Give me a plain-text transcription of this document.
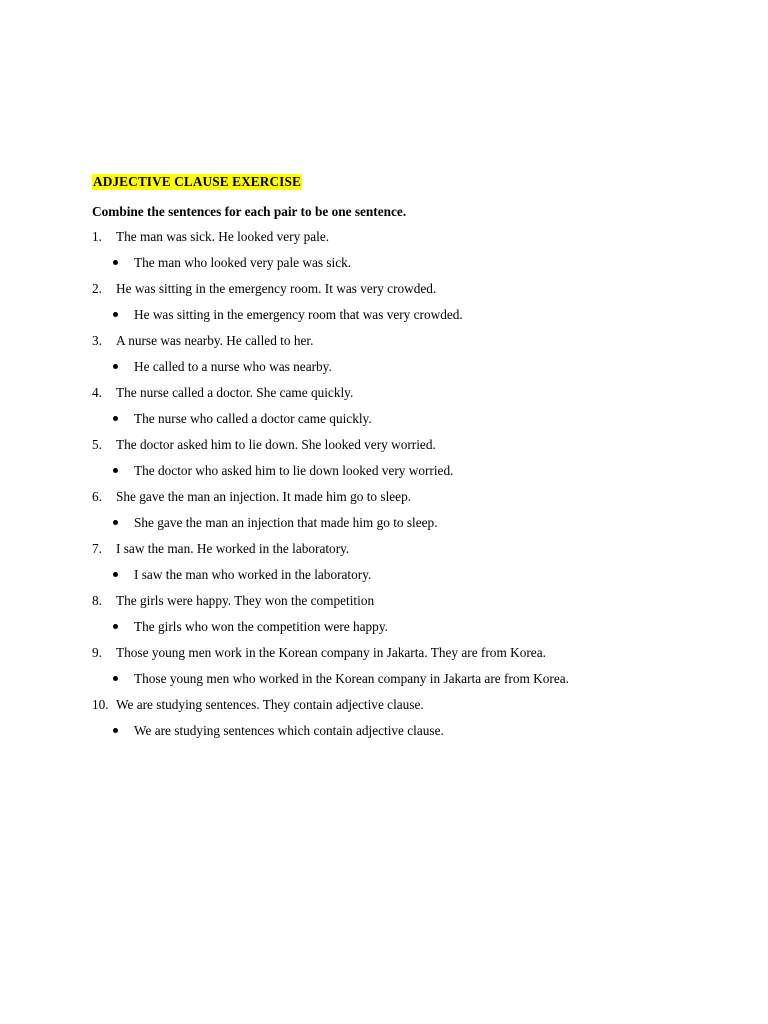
ADJECTIVE CLAUSE EXERCISE
Combine the sentences for each pair to be one sentence.
1. The man was sick. He looked very pale.
The man who looked very pale was sick.
2. He was sitting in the emergency room. It was very crowded.
He was sitting in the emergency room that was very crowded.
3. A nurse was nearby. He called to her.
He called to a nurse who was nearby.
4. The nurse called a doctor. She came quickly.
The nurse who called a doctor came quickly.
5. The doctor asked him to lie down. She looked very worried.
The doctor who asked him to lie down looked very worried.
6. She gave the man an injection. It made him go to sleep.
She gave the man an injection that made him go to sleep.
7. I saw the man. He worked in the laboratory.
I saw the man who worked in the laboratory.
8. The girls were happy. They won the competition
The girls who won the competition were happy.
9. Those young men work in the Korean company in Jakarta. They are from Korea.
Those young men who worked in the Korean company in Jakarta are from Korea.
10. We are studying sentences. They contain adjective clause.
We are studying sentences which contain adjective clause.
